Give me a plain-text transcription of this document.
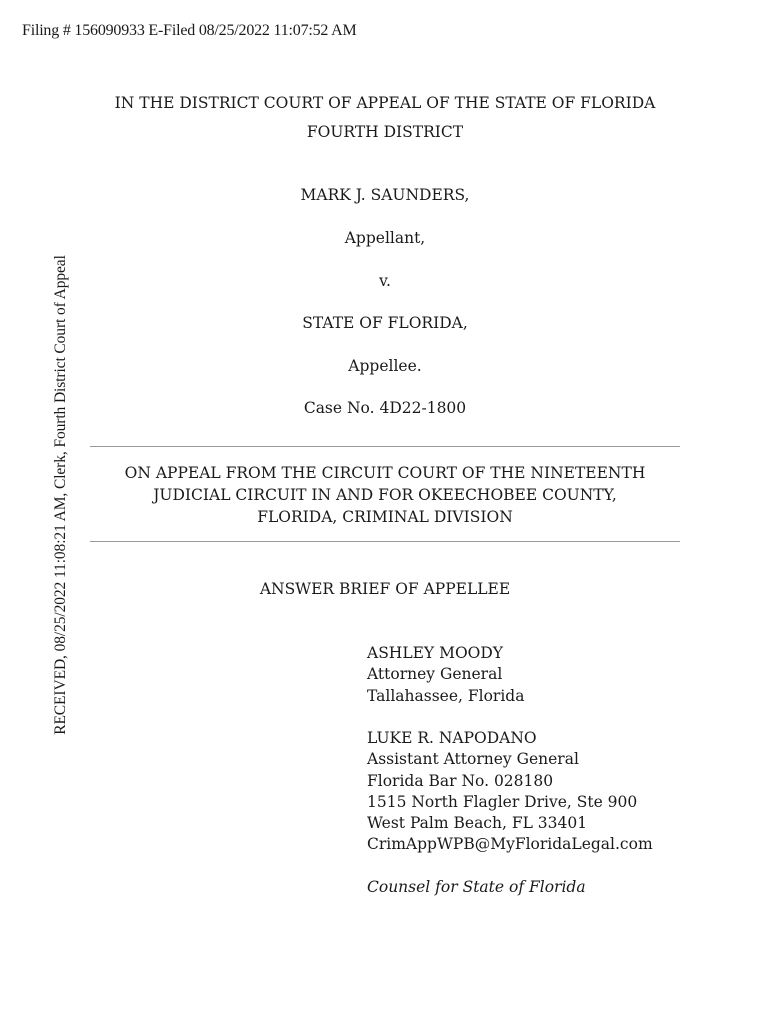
Filing # 156090933 E-Filed 08/25/2022 11:07:52 AM
RECEIVED, 08/25/2022 11:08:21 AM, Clerk, Fourth District Court of Appeal
IN THE DISTRICT COURT OF APPEAL OF THE STATE OF FLORIDA
FOURTH DISTRICT
MARK J. SAUNDERS,
Appellant,
v.
STATE OF FLORIDA,
Appellee.
Case No. 4D22-1800
ON APPEAL FROM THE CIRCUIT COURT OF THE NINETEENTH
JUDICIAL CIRCUIT IN AND FOR OKEECHOBEE COUNTY,
FLORIDA, CRIMINAL DIVISION
ANSWER BRIEF OF APPELLEE
ASHLEY MOODY
Attorney General
Tallahassee, Florida
LUKE R. NAPODANO
Assistant Attorney General
Florida Bar No. 028180
1515 North Flagler Drive, Ste 900
West Palm Beach, FL 33401
CrimAppWPB@MyFloridaLegal.com
Counsel for State of Florida
